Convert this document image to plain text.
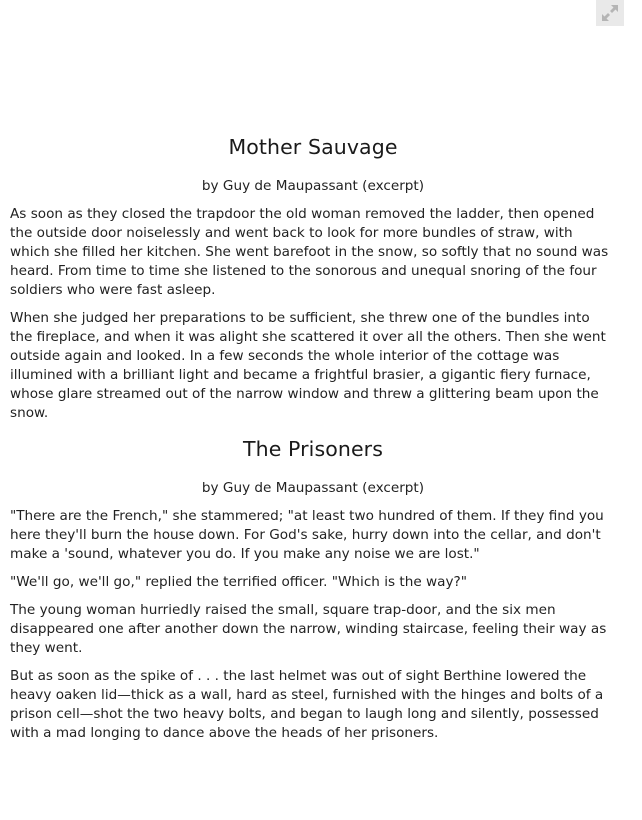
Mother Sauvage
by Guy de Maupassant (excerpt)

As soon as they closed the trapdoor the old woman removed the ladder, then opened the outside door noiselessly and went back to look for more bundles of straw, with which she filled her kitchen. She went barefoot in the snow, so softly that no sound was heard. From time to time she listened to the sonorous and unequal snoring of the four soldiers who were fast asleep.

When she judged her preparations to be sufficient, she threw one of the bundles into the fireplace, and when it was alight she scattered it over all the others. Then she went outside again and looked. In a few seconds the whole interior of the cottage was illumined with a brilliant light and became a frightful brasier, a gigantic fiery furnace, whose glare streamed out of the narrow window and threw a glittering beam upon the snow.

The Prisoners
by Guy de Maupassant (excerpt)

"There are the French," she stammered; "at least two hundred of them. If they find you here they'll burn the house down. For God's sake, hurry down into the cellar, and don't make a 'sound, whatever you do. If you make any noise we are lost."

"We'll go, we'll go," replied the terrified officer. "Which is the way?"

The young woman hurriedly raised the small, square trap-door, and the six men disappeared one after another down the narrow, winding staircase, feeling their way as they went.

But as soon as the spike of . . . the last helmet was out of sight Berthine lowered the heavy oaken lid—thick as a wall, hard as steel, furnished with the hinges and bolts of a prison cell—shot the two heavy bolts, and began to laugh long and silently, possessed with a mad longing to dance above the heads of her prisoners.
